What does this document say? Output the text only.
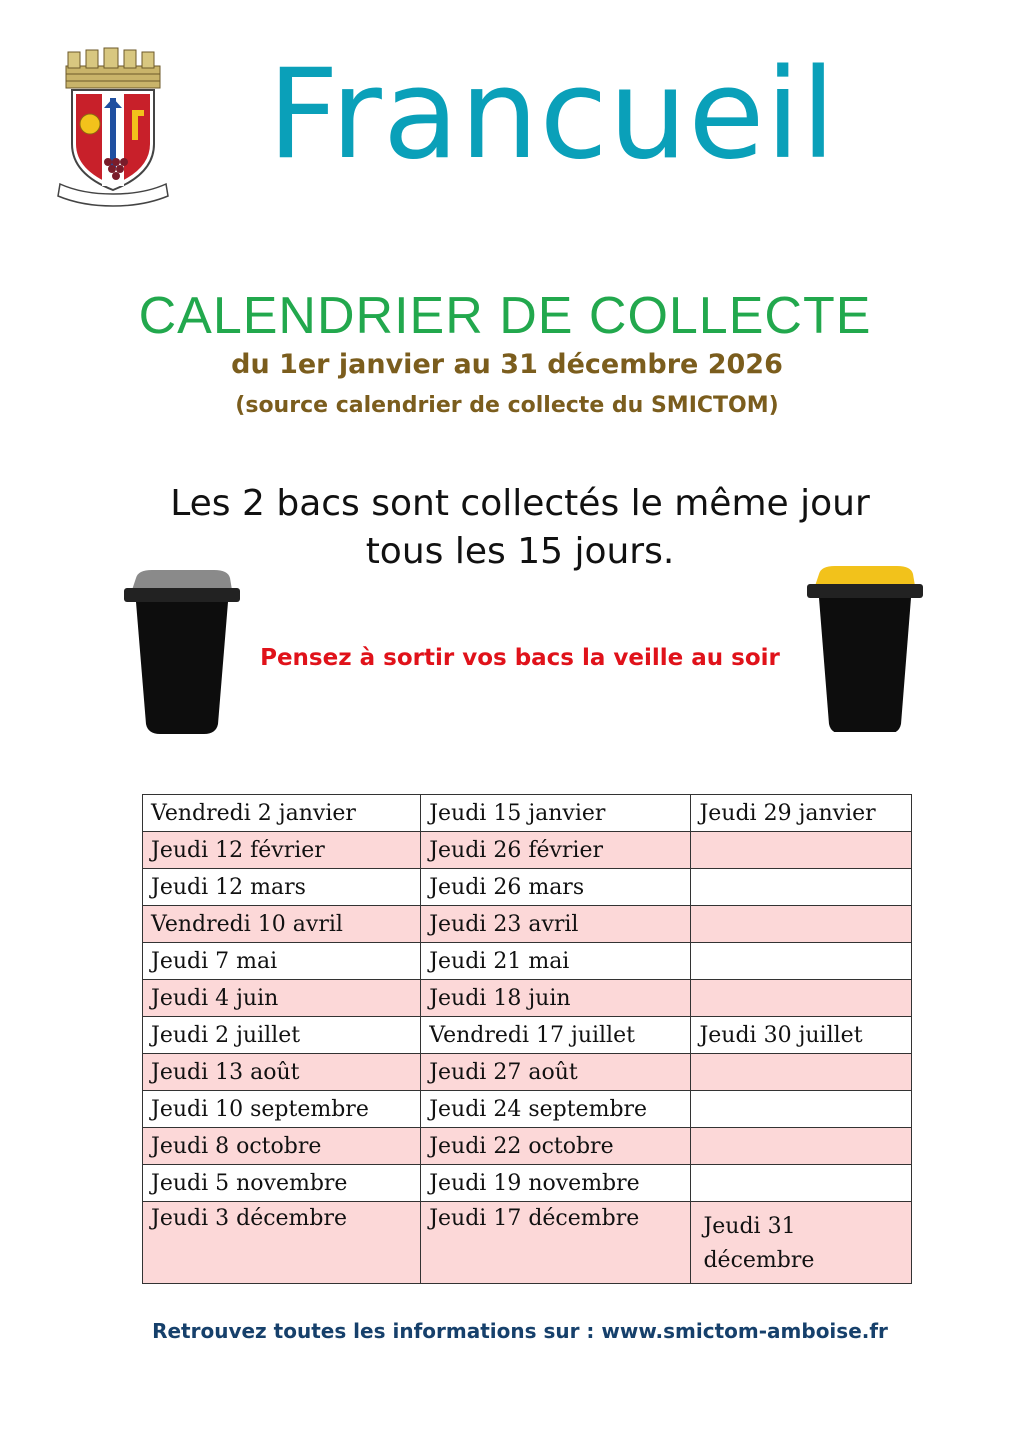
Francueil
CALENDRIER DE COLLECTE
du 1er janvier au 31 décembre 2026
(source calendrier de collecte du SMICTOM)
Les 2 bacs sont collectés le même jour
tous les 15 jours.
Pensez à sortir vos bacs la veille au soir
Vendredi 2 janvier	Jeudi 15 janvier	Jeudi 29 janvier
Jeudi 12 février	Jeudi 26 février	
Jeudi 12 mars	Jeudi 26 mars	
Vendredi 10 avril	Jeudi 23 avril	
Jeudi 7 mai	Jeudi 21 mai	
Jeudi 4 juin	Jeudi 18 juin	
Jeudi 2 juillet	Vendredi 17 juillet	Jeudi 30 juillet
Jeudi 13 août	Jeudi 27 août	
Jeudi 10 septembre	Jeudi 24 septembre	
Jeudi 8 octobre	Jeudi 22 octobre	
Jeudi 5 novembre	Jeudi 19 novembre	
Jeudi 3 décembre	Jeudi 17 décembre	Jeudi 31 décembre
Retrouvez toutes les informations sur : www.smictom-amboise.fr
